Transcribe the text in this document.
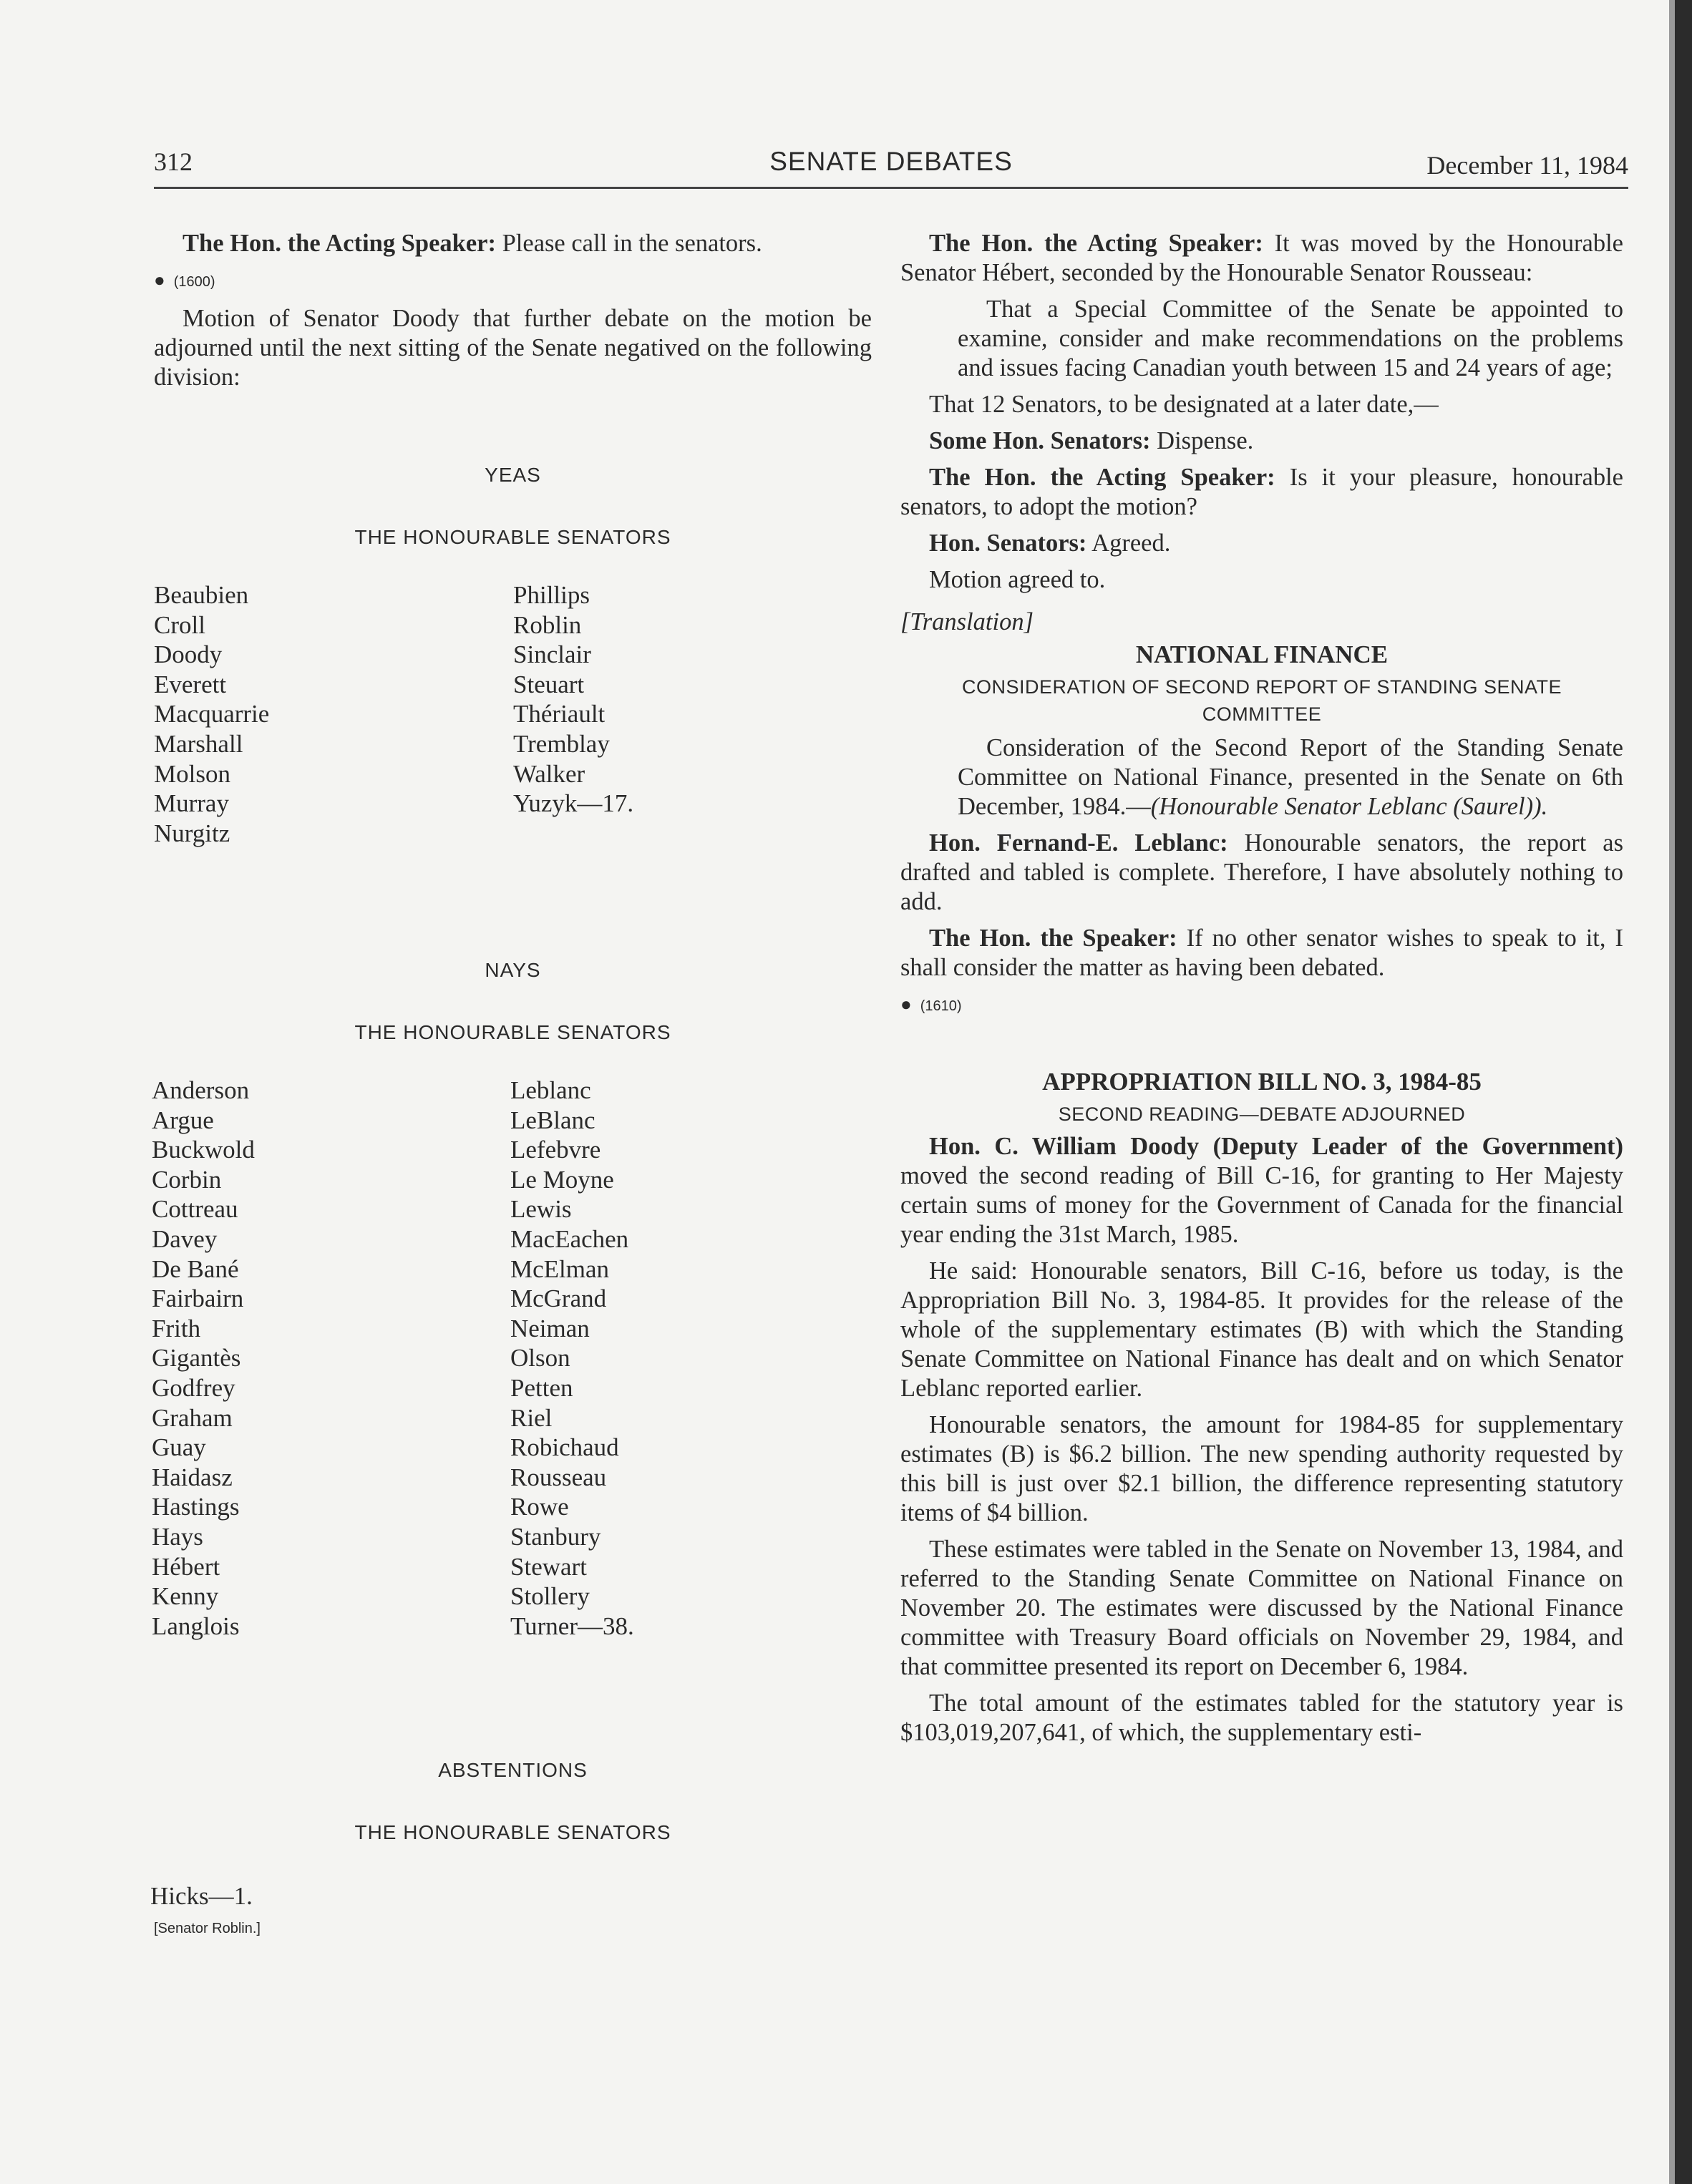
312	SENATE DEBATES	December 11, 1984

The Hon. the Acting Speaker: Please call in the senators.

● (1600)

Motion of Senator Doody that further debate on the motion be adjourned until the next sitting of the Senate negatived on the following division:

YEAS
THE HONOURABLE SENATORS
Beaubien
Croll
Doody
Everett
Macquarrie
Marshall
Molson
Murray
Nurgitz
Phillips
Roblin
Sinclair
Steuart
Thériault
Tremblay
Walker
Yuzyk—17.
NAYS
THE HONOURABLE SENATORS
Anderson
Argue
Buckwold
Corbin
Cottreau
Davey
De Bané
Fairbairn
Frith
Gigantès
Godfrey
Graham
Guay
Haidasz
Hastings
Hays
Hébert
Kenny
Langlois
Leblanc
LeBlanc
Lefebvre
Le Moyne
Lewis
MacEachen
McElman
McGrand
Neiman
Olson
Petten
Riel
Robichaud
Rousseau
Rowe
Stanbury
Stewart
Stollery
Turner—38.
ABSTENTIONS
THE HONOURABLE SENATORS
Hicks—1.
[Senator Roblin.]

The Hon. the Acting Speaker: It was moved by the Honourable Senator Hébert, seconded by the Honourable Senator Rousseau:

That a Special Committee of the Senate be appointed to examine, consider and make recommendations on the problems and issues facing Canadian youth between 15 and 24 years of age;

That 12 Senators, to be designated at a later date,—

Some Hon. Senators: Dispense.

The Hon. the Acting Speaker: Is it your pleasure, honourable senators, to adopt the motion?

Hon. Senators: Agreed.

Motion agreed to.

[Translation]

NATIONAL FINANCE
CONSIDERATION OF SECOND REPORT OF STANDING SENATE COMMITTEE

Consideration of the Second Report of the Standing Senate Committee on National Finance, presented in the Senate on 6th December, 1984.—(Honourable Senator Leblanc (Saurel)).

Hon. Fernand-E. Leblanc: Honourable senators, the report as drafted and tabled is complete. Therefore, I have absolutely nothing to add.

The Hon. the Speaker: If no other senator wishes to speak to it, I shall consider the matter as having been debated.

● (1610)
APPROPRIATION BILL NO. 3, 1984-85
SECOND READING—DEBATE ADJOURNED

Hon. C. William Doody (Deputy Leader of the Government) moved the second reading of Bill C-16, for granting to Her Majesty certain sums of money for the Government of Canada for the financial year ending the 31st March, 1985.

He said: Honourable senators, Bill C-16, before us today, is the Appropriation Bill No. 3, 1984-85. It provides for the release of the whole of the supplementary estimates (B) with which the Standing Senate Committee on National Finance has dealt and on which Senator Leblanc reported earlier.

Honourable senators, the amount for 1984-85 for supplementary estimates (B) is $6.2 billion. The new spending authority requested by this bill is just over $2.1 billion, the difference representing statutory items of $4 billion.

These estimates were tabled in the Senate on November 13, 1984, and referred to the Standing Senate Committee on National Finance on November 20. The estimates were discussed by the National Finance committee with Treasury Board officials on November 29, 1984, and that committee presented its report on December 6, 1984.

The total amount of the estimates tabled for the statutory year is $103,019,207,641, of which, the supplementary esti-
